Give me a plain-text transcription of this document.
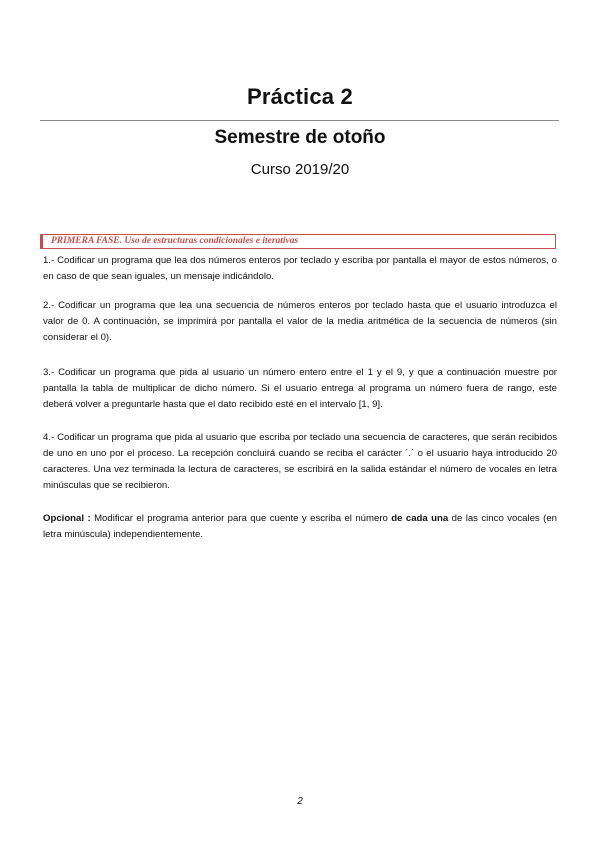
Práctica 2
Semestre de otoño
Curso 2019/20
PRIMERA FASE. Uso de estructuras condicionales e iterativas

1.- Codificar un programa que lea dos números enteros por teclado y escriba por pantalla el mayor de estos números, o en caso de que sean iguales, un mensaje indicándolo.

2.- Codificar un programa que lea una secuencia de números enteros por teclado hasta que el usuario introduzca el valor de 0. A continuación, se imprimirá por pantalla el valor de la media aritmética de la secuencia de números (sin considerar el 0).

3.- Codificar un programa que pida al usuario un número entero entre el 1 y el 9, y que a continuación muestre por pantalla la tabla de multiplicar de dicho número. Si el usuario entrega al programa un número fuera de rango, este deberá volver a preguntarle hasta que el dato recibido esté en el intervalo [1, 9].

4.- Codificar un programa que pida al usuario que escriba por teclado una secuencia de caracteres, que serán recibidos de uno en uno por el proceso. La recepción concluirá cuando se reciba el carácter ´.´ o el usuario haya introducido 20 caracteres. Una vez terminada la lectura de caracteres, se escribirá en la salida estándar el número de vocales en letra minúsculas que se recibieron.

Opcional : Modificar el programa anterior para que cuente y escriba el número de cada una de las cinco vocales (en letra minúscula) independientemente.

2
